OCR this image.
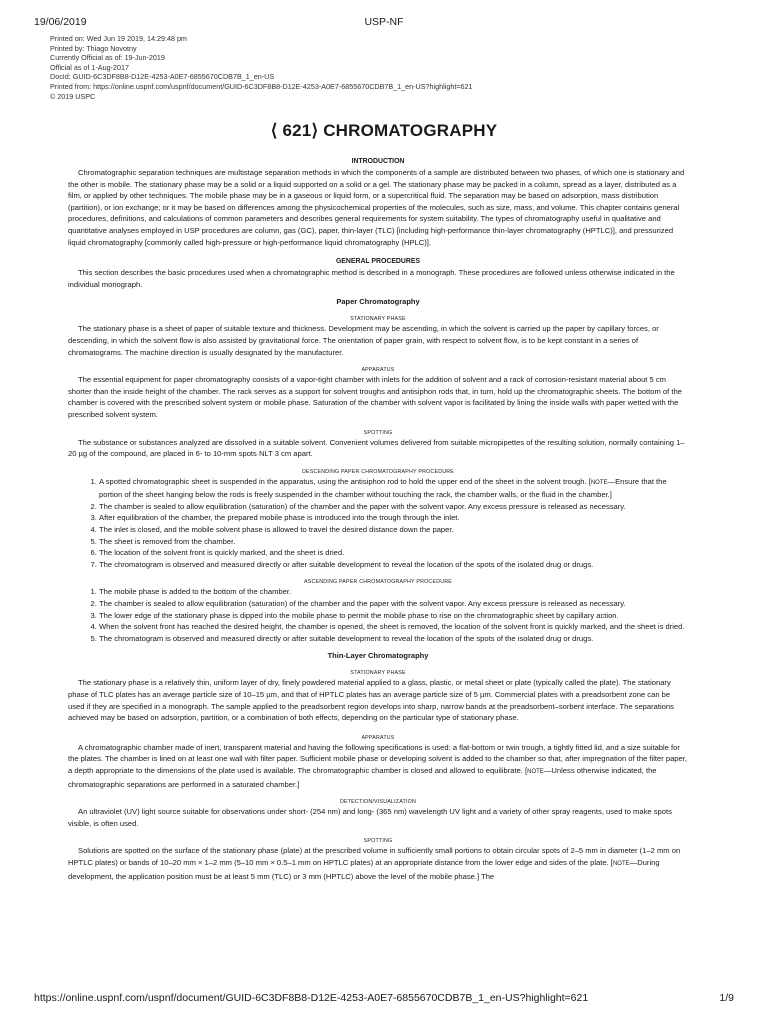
19/06/2019	USP-NF
Printed on: Wed Jun 19 2019, 14:29:48 pm
Printed by: Thiago Novotny
Currently Official as of: 19-Jun-2019
Official as of 1-Aug-2017
DocId: GUID-6C3DF8B8-D12E-4253-A0E7-6855670CDB7B_1_en-US
Printed from: https://online.uspnf.com/uspnf/document/GUID-6C3DF8B8-D12E-4253-A0E7-6855670CDB7B_1_en-US?highlight=621
© 2019 USPC
⟨ 621⟩ CHROMATOGRAPHY
INTRODUCTION

Chromatographic separation techniques are multistage separation methods in which the components of a sample are distributed between two phases, of which one is stationary and the other is mobile. The stationary phase may be a solid or a liquid supported on a solid or a gel. The stationary phase may be packed in a column, spread as a layer, distributed as a film, or applied by other techniques. The mobile phase may be in a gaseous or liquid form, or a supercritical fluid. The separation may be based on adsorption, mass distribution (partition), or ion exchange; or it may be based on differences among the physicochemical properties of the molecules, such as size, mass, and volume. This chapter contains general procedures, definitions, and calculations of common parameters and describes general requirements for system suitability. The types of chromatography useful in qualitative and quantitative analyses employed in USP procedures are column, gas (GC), paper, thin-layer (TLC) [including high-performance thin-layer chromatography (HPTLC)], and pressurized liquid chromatography [commonly called high-pressure or high-performance liquid chromatography (HPLC)].

GENERAL PROCEDURES

This section describes the basic procedures used when a chromatographic method is described in a monograph. These procedures are followed unless otherwise indicated in the individual monograph.

Paper Chromatography
STATIONARY PHASE

The stationary phase is a sheet of paper of suitable texture and thickness. Development may be ascending, in which the solvent is carried up the paper by capillary forces, or descending, in which the solvent flow is also assisted by gravitational force. The orientation of paper grain, with respect to solvent flow, is to be kept constant in a series of chromatograms. The machine direction is usually designated by the manufacturer.

APPARATUS

The essential equipment for paper chromatography consists of a vapor-tight chamber with inlets for the addition of solvent and a rack of corrosion-resistant material about 5 cm shorter than the inside height of the chamber. The rack serves as a support for solvent troughs and antisiphon rods that, in turn, hold up the chromatographic sheets. The bottom of the chamber is covered with the prescribed solvent system or mobile phase. Saturation of the chamber with solvent vapor is facilitated by lining the inside walls with paper wetted with the prescribed solvent system.

SPOTTING

The substance or substances analyzed are dissolved in a suitable solvent. Convenient volumes delivered from suitable micropipettes of the resulting solution, normally containing 1–20 µg of the compound, are placed in 6- to 10-mm spots NLT 3 cm apart.

DESCENDING PAPER CHROMATOGRAPHY PROCEDURE
1. A spotted chromatographic sheet is suspended in the apparatus, using the antisiphon rod to hold the upper end of the sheet in the solvent trough. [NOTE—Ensure that the portion of the sheet hanging below the rods is freely suspended in the chamber without touching the rack, the chamber walls, or the fluid in the chamber.]
2. The chamber is sealed to allow equilibration (saturation) of the chamber and the paper with the solvent vapor. Any excess pressure is released as necessary.
3. After equilibration of the chamber, the prepared mobile phase is introduced into the trough through the inlet.
4. The inlet is closed, and the mobile solvent phase is allowed to travel the desired distance down the paper.
5. The sheet is removed from the chamber.
6. The location of the solvent front is quickly marked, and the sheet is dried.
7. The chromatogram is observed and measured directly or after suitable development to reveal the location of the spots of the isolated drug or drugs.
ASCENDING PAPER CHROMATOGRAPHY PROCEDURE
1. The mobile phase is added to the bottom of the chamber.
2. The chamber is sealed to allow equilibration (saturation) of the chamber and the paper with the solvent vapor. Any excess pressure is released as necessary.
3. The lower edge of the stationary phase is dipped into the mobile phase to permit the mobile phase to rise on the chromatographic sheet by capillary action.
4. When the solvent front has reached the desired height, the chamber is opened, the sheet is removed, the location of the solvent front is quickly marked, and the sheet is dried.
5. The chromatogram is observed and measured directly or after suitable development to reveal the location of the spots of the isolated drug or drugs.
Thin-Layer Chromatography
STATIONARY PHASE

The stationary phase is a relatively thin, uniform layer of dry, finely powdered material applied to a glass, plastic, or metal sheet or plate (typically called the plate). The stationary phase of TLC plates has an average particle size of 10–15 µm, and that of HPTLC plates has an average particle size of 5 µm. Commercial plates with a preadsorbent zone can be used if they are specified in a monograph. The sample applied to the preadsorbent region develops into sharp, narrow bands at the preadsorbent–sorbent interface. The separations achieved may be based on adsorption, partition, or a combination of both effects, depending on the particular type of stationary phase.

APPARATUS

A chromatographic chamber made of inert, transparent material and having the following specifications is used: a flat-bottom or twin trough, a tightly fitted lid, and a size suitable for the plates. The chamber is lined on at least one wall with filter paper. Sufficient mobile phase or developing solvent is added to the chamber so that, after impregnation of the filter paper, a depth appropriate to the dimensions of the plate used is available. The chromatographic chamber is closed and allowed to equilibrate. [NOTE—Unless otherwise indicated, the chromatographic separations are performed in a saturated chamber.]

DETECTION/VISUALIZATION

An ultraviolet (UV) light source suitable for observations under short- (254 nm) and long- (365 nm) wavelength UV light and a variety of other spray reagents, used to make spots visible, is often used.

SPOTTING

Solutions are spotted on the surface of the stationary phase (plate) at the prescribed volume in sufficiently small portions to obtain circular spots of 2–5 mm in diameter (1–2 mm on HPTLC plates) or bands of 10–20 mm × 1–2 mm (5–10 mm × 0.5–1 mm on HPTLC plates) at an appropriate distance from the lower edge and sides of the plate. [NOTE—During development, the application position must be at least 5 mm (TLC) or 3 mm (HPTLC) above the level of the mobile phase.] The

https://online.uspnf.com/uspnf/document/GUID-6C3DF8B8-D12E-4253-A0E7-6855670CDB7B_1_en-US?highlight=621	1/9
